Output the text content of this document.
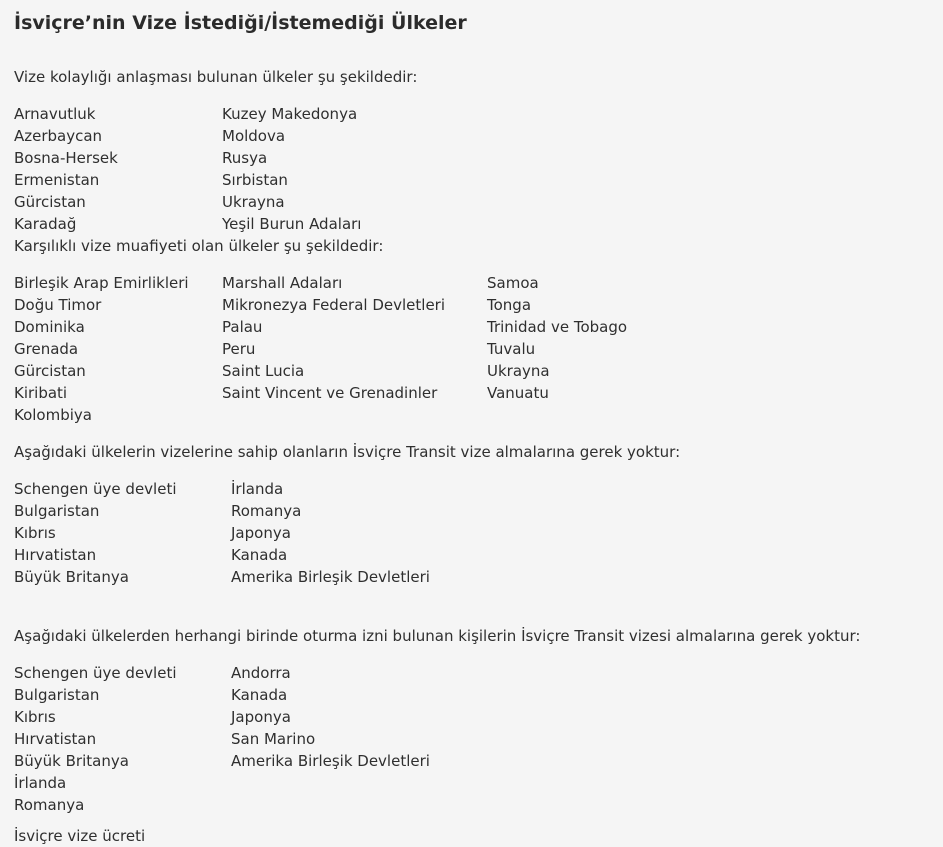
İsviçre’nin Vize İstediği/İstemediği Ülkeler

Vize kolaylığı anlaşması bulunan ülkeler şu şekildedir:

Arnavutluk
Azerbaycan
Bosna-Hersek
Ermenistan
Gürcistan
Karadağ
Kuzey Makedonya
Moldova
Rusya
Sırbistan
Ukrayna
Yeşil Burun Adaları

Karşılıklı vize muafiyeti olan ülkeler şu şekildedir:

Birleşik Arap Emirlikleri
Doğu Timor
Dominika
Grenada
Gürcistan
Kiribati
Kolombiya
Marshall Adaları
Mikronezya Federal Devletleri
Palau
Peru
Saint Lucia
Saint Vincent ve Grenadinler
Samoa
Tonga
Trinidad ve Tobago
Tuvalu
Ukrayna
Vanuatu

Aşağıdaki ülkelerin vizelerine sahip olanların İsviçre Transit vize almalarına gerek yoktur:

Schengen üye devleti
Bulgaristan
Kıbrıs
Hırvatistan
Büyük Britanya
İrlanda
Romanya
Japonya
Kanada
Amerika Birleşik Devletleri

Aşağıdaki ülkelerden herhangi birinde oturma izni bulunan kişilerin İsviçre Transit vizesi almalarına gerek yoktur:

Schengen üye devleti
Bulgaristan
Kıbrıs
Hırvatistan
Büyük Britanya
İrlanda
Romanya
Andorra
Kanada
Japonya
San Marino
Amerika Birleşik Devletleri

İsviçre vize ücreti
